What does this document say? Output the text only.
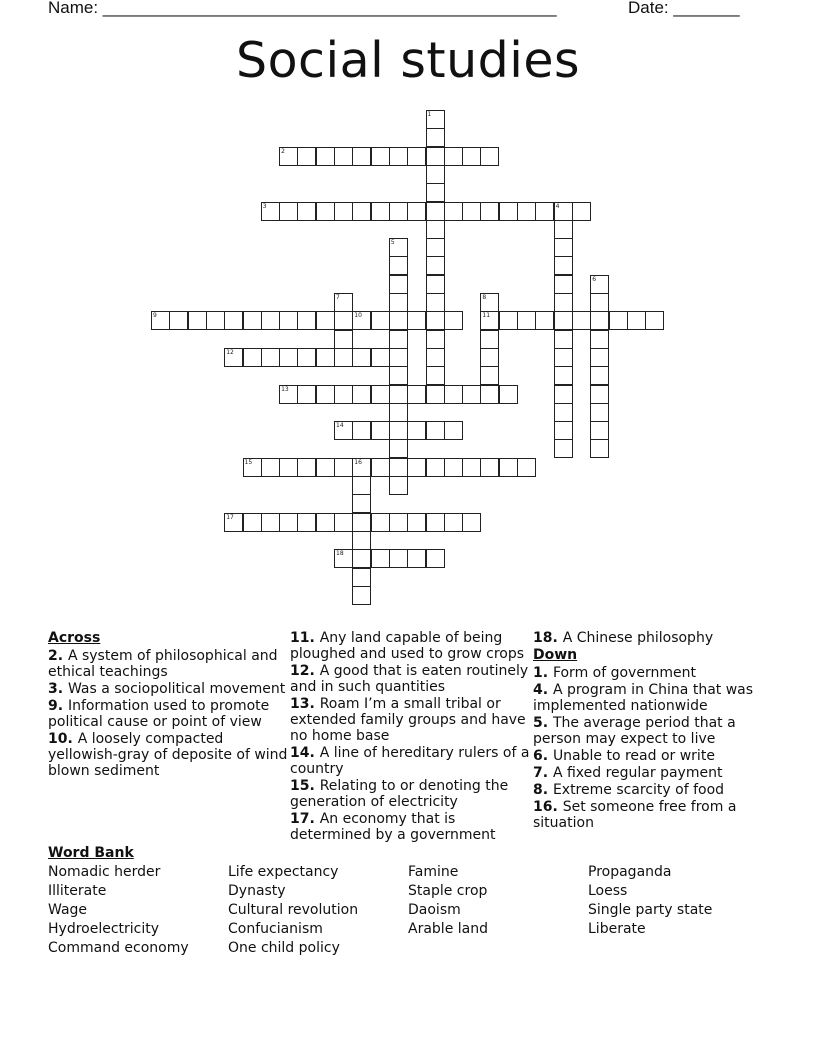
Name: ________________________________________________	Date: _______
Social studies
1
2
3	4
5
6
7	8
11
9	10
12
13
14
15	16
17
18
Across
2. A system of philosophical and ethical teachings
3. Was a sociopolitical movement
9. Information used to promote political cause or point of view
10. A loosely compacted yellowish-gray of deposite of wind blown sediment
11. Any land capable of being ploughed and used to grow crops
12. A good that is eaten routinely and in such quantities
13. Roam I’m a small tribal or extended family groups and have no home base
14. A line of hereditary rulers of a country
15. Relating to or denoting the generation of electricity
17. An economy that is determined by a government
18. A Chinese philosophy
Down
1. Form of government
4. A program in China that was implemented nationwide
5. The average period that a person may expect to live
6. Unable to read or write
7. A fixed regular payment
8. Extreme scarcity of food
16. Set someone free from a situation
Word Bank
Nomadic herder
Illiterate
Wage
Hydroelectricity
Command economy
Life expectancy
Dynasty
Cultural revolution
Confucianism
One child policy
Famine
Staple crop
Daoism
Arable land
Propaganda
Loess
Single party state
Liberate
